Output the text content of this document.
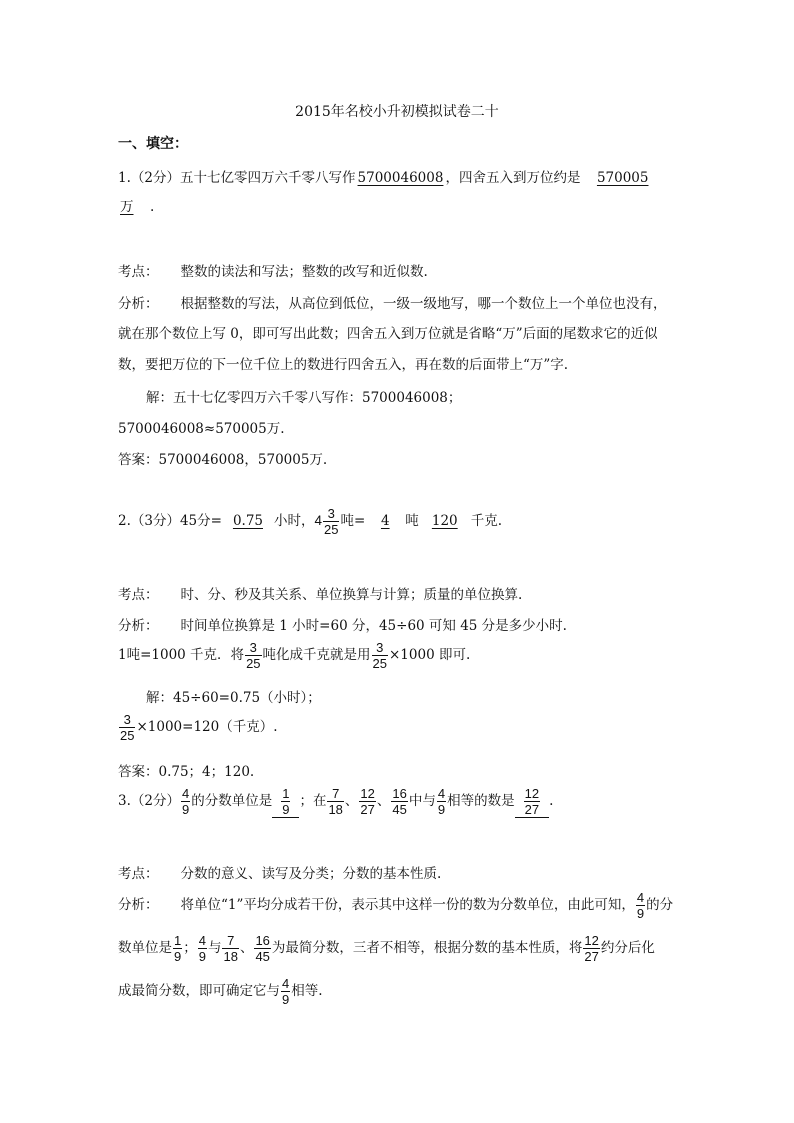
2015年名校小升初模拟试卷二十
一、填空：
1.（2分）五十七亿零四万六千零八写作 5700046008 ，四舍五入到万位约是 570005
万 .
考点： 整数的读法和写法；整数的改写和近似数.
分析： 根据整数的写法，从高位到低位，一级一级地写，哪一个数位上一个单位也没有，
就在那个数位上写 0，即可写出此数；四舍五入到万位就是省略“万”后面的尾数求它的近似
数，要把万位的下一位千位上的数进行四舍五入，再在数的后面带上“万”字.
解：五十七亿零四万六千零八写作：5700046008；
5700046008≈570005万.
答案：5700046008，570005万.
2.（3分）45分= 0.75 小时，$4 \frac{3}{25}$ 吨= 4 吨 120 千克.
考点： 时、分、秒及其关系、单位换算与计算；质量的单位换算.
分析： 时间单位换算是 1 小时=60 分，45÷60 可知 45 分是多少小时.
1吨=1000 千克．将 $\frac{3}{25}$ 吨化成千克就是用 $\frac{3}{25} \times 1000$ 即可.
解：45÷60=0.75（小时）；
$\frac{3}{25} \times 1000=120$（千克）.
答案：0.75；4；120.
3.（2分） $\frac{4}{9}$ 的分数单位是 $\frac{1}{9}$ ；在 $\frac{7}{18}$ 、 $\frac{12}{27}$ 、 $\frac{16}{45}$ 中与 $\frac{4}{9}$ 相等的数是 $\frac{12}{27}$ .
考点： 分数的意义、读写及分类；分数的基本性质.
分析： 将单位“1”平均分成若干份，表示其中这样一份的数为分数单位，由此可知， $\frac{4}{9}$ 的分
数单位是 $\frac{1}{9}$ ； $\frac{4}{9}$ 与 $\frac{7}{18}$ 、 $\frac{16}{45}$ 为最简分数，三者不相等，根据分数的基本性质，将 $\frac{12}{27}$ 约分后化
成最简分数，即可确定它与 $\frac{4}{9}$ 相等.
